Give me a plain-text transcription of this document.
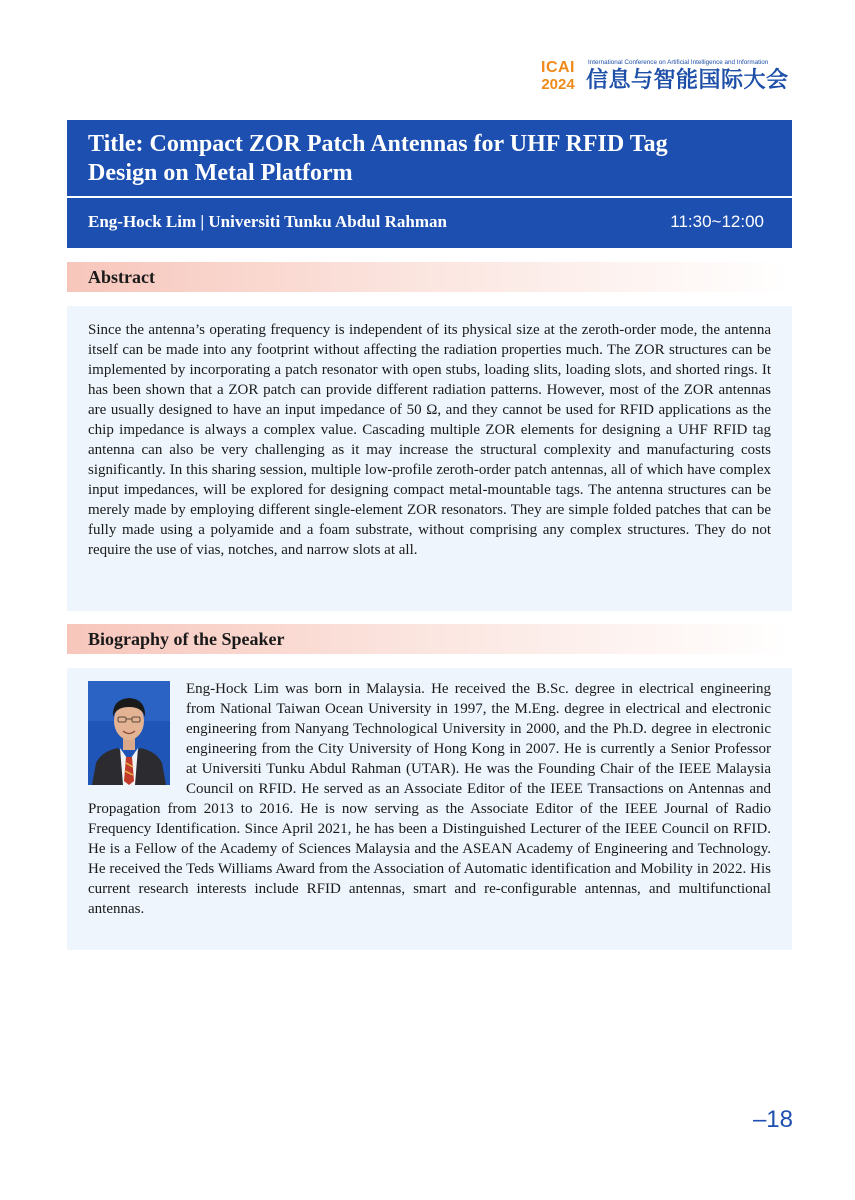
ICAI
2024
International Conference on Artificial Intelligence and Information
信息与智能国际大会
Title: Compact ZOR Patch Antennas for UHF RFID Tag Design on Metal Platform
Eng-Hock Lim | Universiti Tunku Abdul Rahman	11:30~12:00
Abstract

Since the antenna’s operating frequency is independent of its physical size at the zeroth-order mode, the antenna itself can be made into any footprint without affecting the radiation properties much. The ZOR structures can be implemented by incorporating a patch resonator with open stubs, loading slits, loading slots, and shorted rings. It has been shown that a ZOR patch can provide different radiation patterns. However, most of the ZOR antennas are usually designed to have an input impedance of 50 Ω, and they cannot be used for RFID applications as the chip impedance is always a complex value. Cascading multiple ZOR elements for designing a UHF RFID tag antenna can also be very challenging as it may increase the structural complexity and manufacturing costs significantly. In this sharing session, multiple low-profile zeroth-order patch antennas, all of which have complex input impedances, will be explored for designing compact metal-mountable tags. The antenna structures can be merely made by employing different single-element ZOR resonators. They are simple folded patches that can be fully made using a polyamide and a foam substrate, without comprising any complex structures. They do not require the use of vias, notches, and narrow slots at all.

Biography of the Speaker
Eng-Hock Lim was born in Malaysia. He received the B.Sc. degree in electrical engineering from National Taiwan Ocean University in 1997, the M.Eng. degree in electrical and electronic engineering from Nanyang Technological University in 2000, and the Ph.D. degree in electronic engineering from the City University of Hong Kong in 2007. He is currently a Senior Professor at Universiti Tunku Abdul Rahman (UTAR). He was the Founding Chair of the IEEE Malaysia Council on RFID. He served as an Associate Editor of the IEEE Transactions on Antennas and Propagation from 2013 to 2016. He is now serving as the Associate Editor of the IEEE Journal of Radio Frequency Identification. Since April 2021, he has been a Distinguished Lecturer of the IEEE Council on RFID. He is a Fellow of the Academy of Sciences Malaysia and the ASEAN Academy of Engineering and Technology. He received the Teds Williams Award from the Association of Automatic identification and Mobility in 2022. His current research interests include RFID antennas, smart and re-configurable antennas, and multifunctional antennas.
–18
